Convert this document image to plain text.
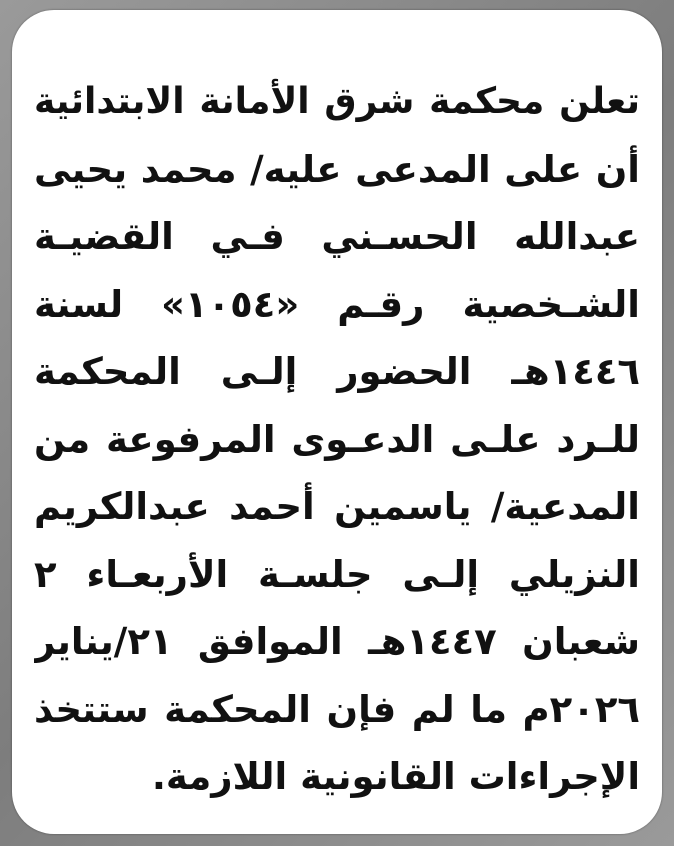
تعلن محكمة شرق الأمانة الابتدائية
أن على المدعى عليه/ محمد يحيى
عبدالله الحسـني فـي القضيـة
الشـخصية رقـم «١٠٥٤» لسنة
١٤٤٦هـ الحضور إلـى المحكمة
للـرد علـى الدعـوى المرفوعة من
المدعية/ ياسمين أحمد عبدالكريم
النزيلي إلـى جلسـة الأربعـاء ٢
شعبان ١٤٤٧هـ الموافق ٢١/يناير
٢٠٢٦م ما لم فإن المحكمة ستتخذ
الإجراءات القانونية اللازمة.
